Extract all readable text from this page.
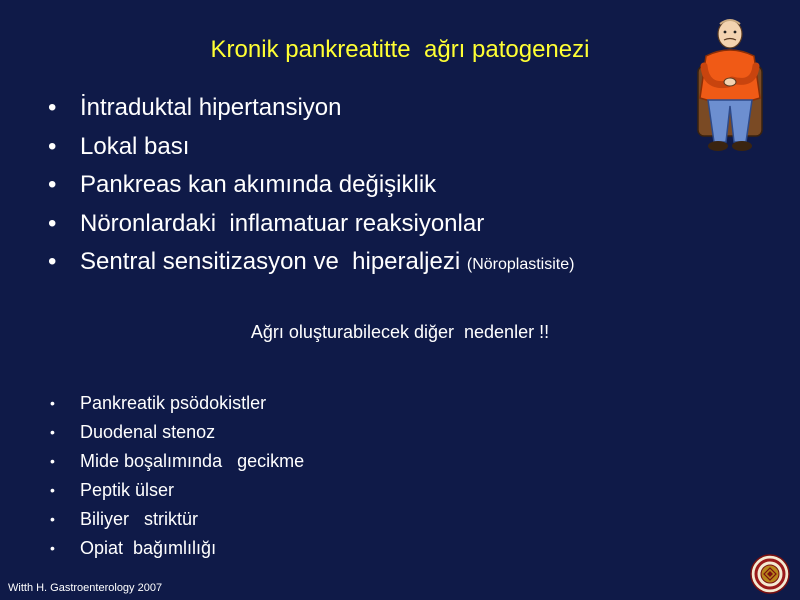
Kronik pankreatitte  ağrı patogenezi
• İntraduktal hipertansiyon
• Lokal bası
• Pankreas kan akımında değişiklik
• Nöronlardaki  inflamatuar reaksiyonlar
• Sentral sensitizasyon ve  hiperaljezi (Nöroplastisite)
Ağrı oluşturabilecek diğer  nedenler !!
• Pankreatik psödokistler
• Duodenal stenoz
• Mide boşalımında   gecikme
• Peptik ülser
• Biliyer   striktür
• Opiat  bağımlılığı
Witth H. Gastroenterology 2007
